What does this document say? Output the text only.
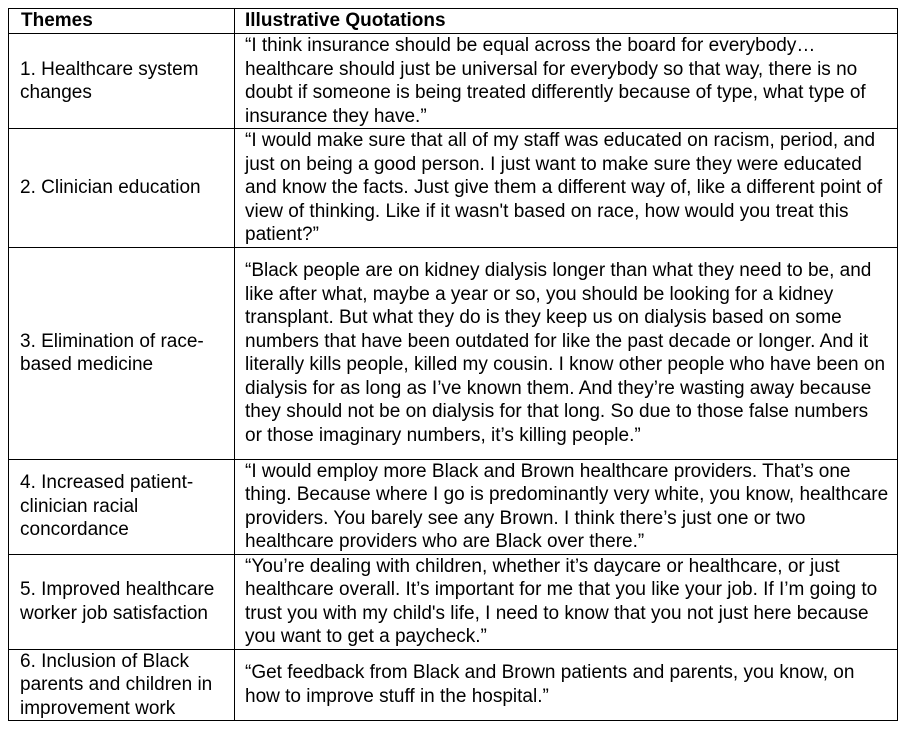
Themes	Illustrative Quotations
1. Healthcare system changes	“I think insurance should be equal across the board for everybody… healthcare should just be universal for everybody so that way, there is no doubt if someone is being treated differently because of type, what type of insurance they have.”
2. Clinician education	“I would make sure that all of my staff was educated on racism, period, and just on being a good person. I just want to make sure they were educated and know the facts. Just give them a different way of, like a different point of view of thinking. Like if it wasn't based on race, how would you treat this patient?”
3. Elimination of race-based medicine	“Black people are on kidney dialysis longer than what they need to be, and like after what, maybe a year or so, you should be looking for a kidney transplant. But what they do is they keep us on dialysis based on some numbers that have been outdated for like the past decade or longer. And it literally kills people, killed my cousin. I know other people who have been on dialysis for as long as I’ve known them. And they’re wasting away because they should not be on dialysis for that long. So due to those false numbers or those imaginary numbers, it’s killing people.”
4. Increased patient-clinician racial concordance	“I would employ more Black and Brown healthcare providers. That’s one thing. Because where I go is predominantly very white, you know, healthcare providers. You barely see any Brown. I think there’s just one or two healthcare providers who are Black over there.”
5. Improved healthcare worker job satisfaction	“You’re dealing with children, whether it’s daycare or healthcare, or just healthcare overall. It’s important for me that you like your job. If I’m going to trust you with my child's life, I need to know that you not just here because you want to get a paycheck.”
6. Inclusion of Black parents and children in improvement work	“Get feedback from Black and Brown patients and parents, you know, on how to improve stuff in the hospital.”
